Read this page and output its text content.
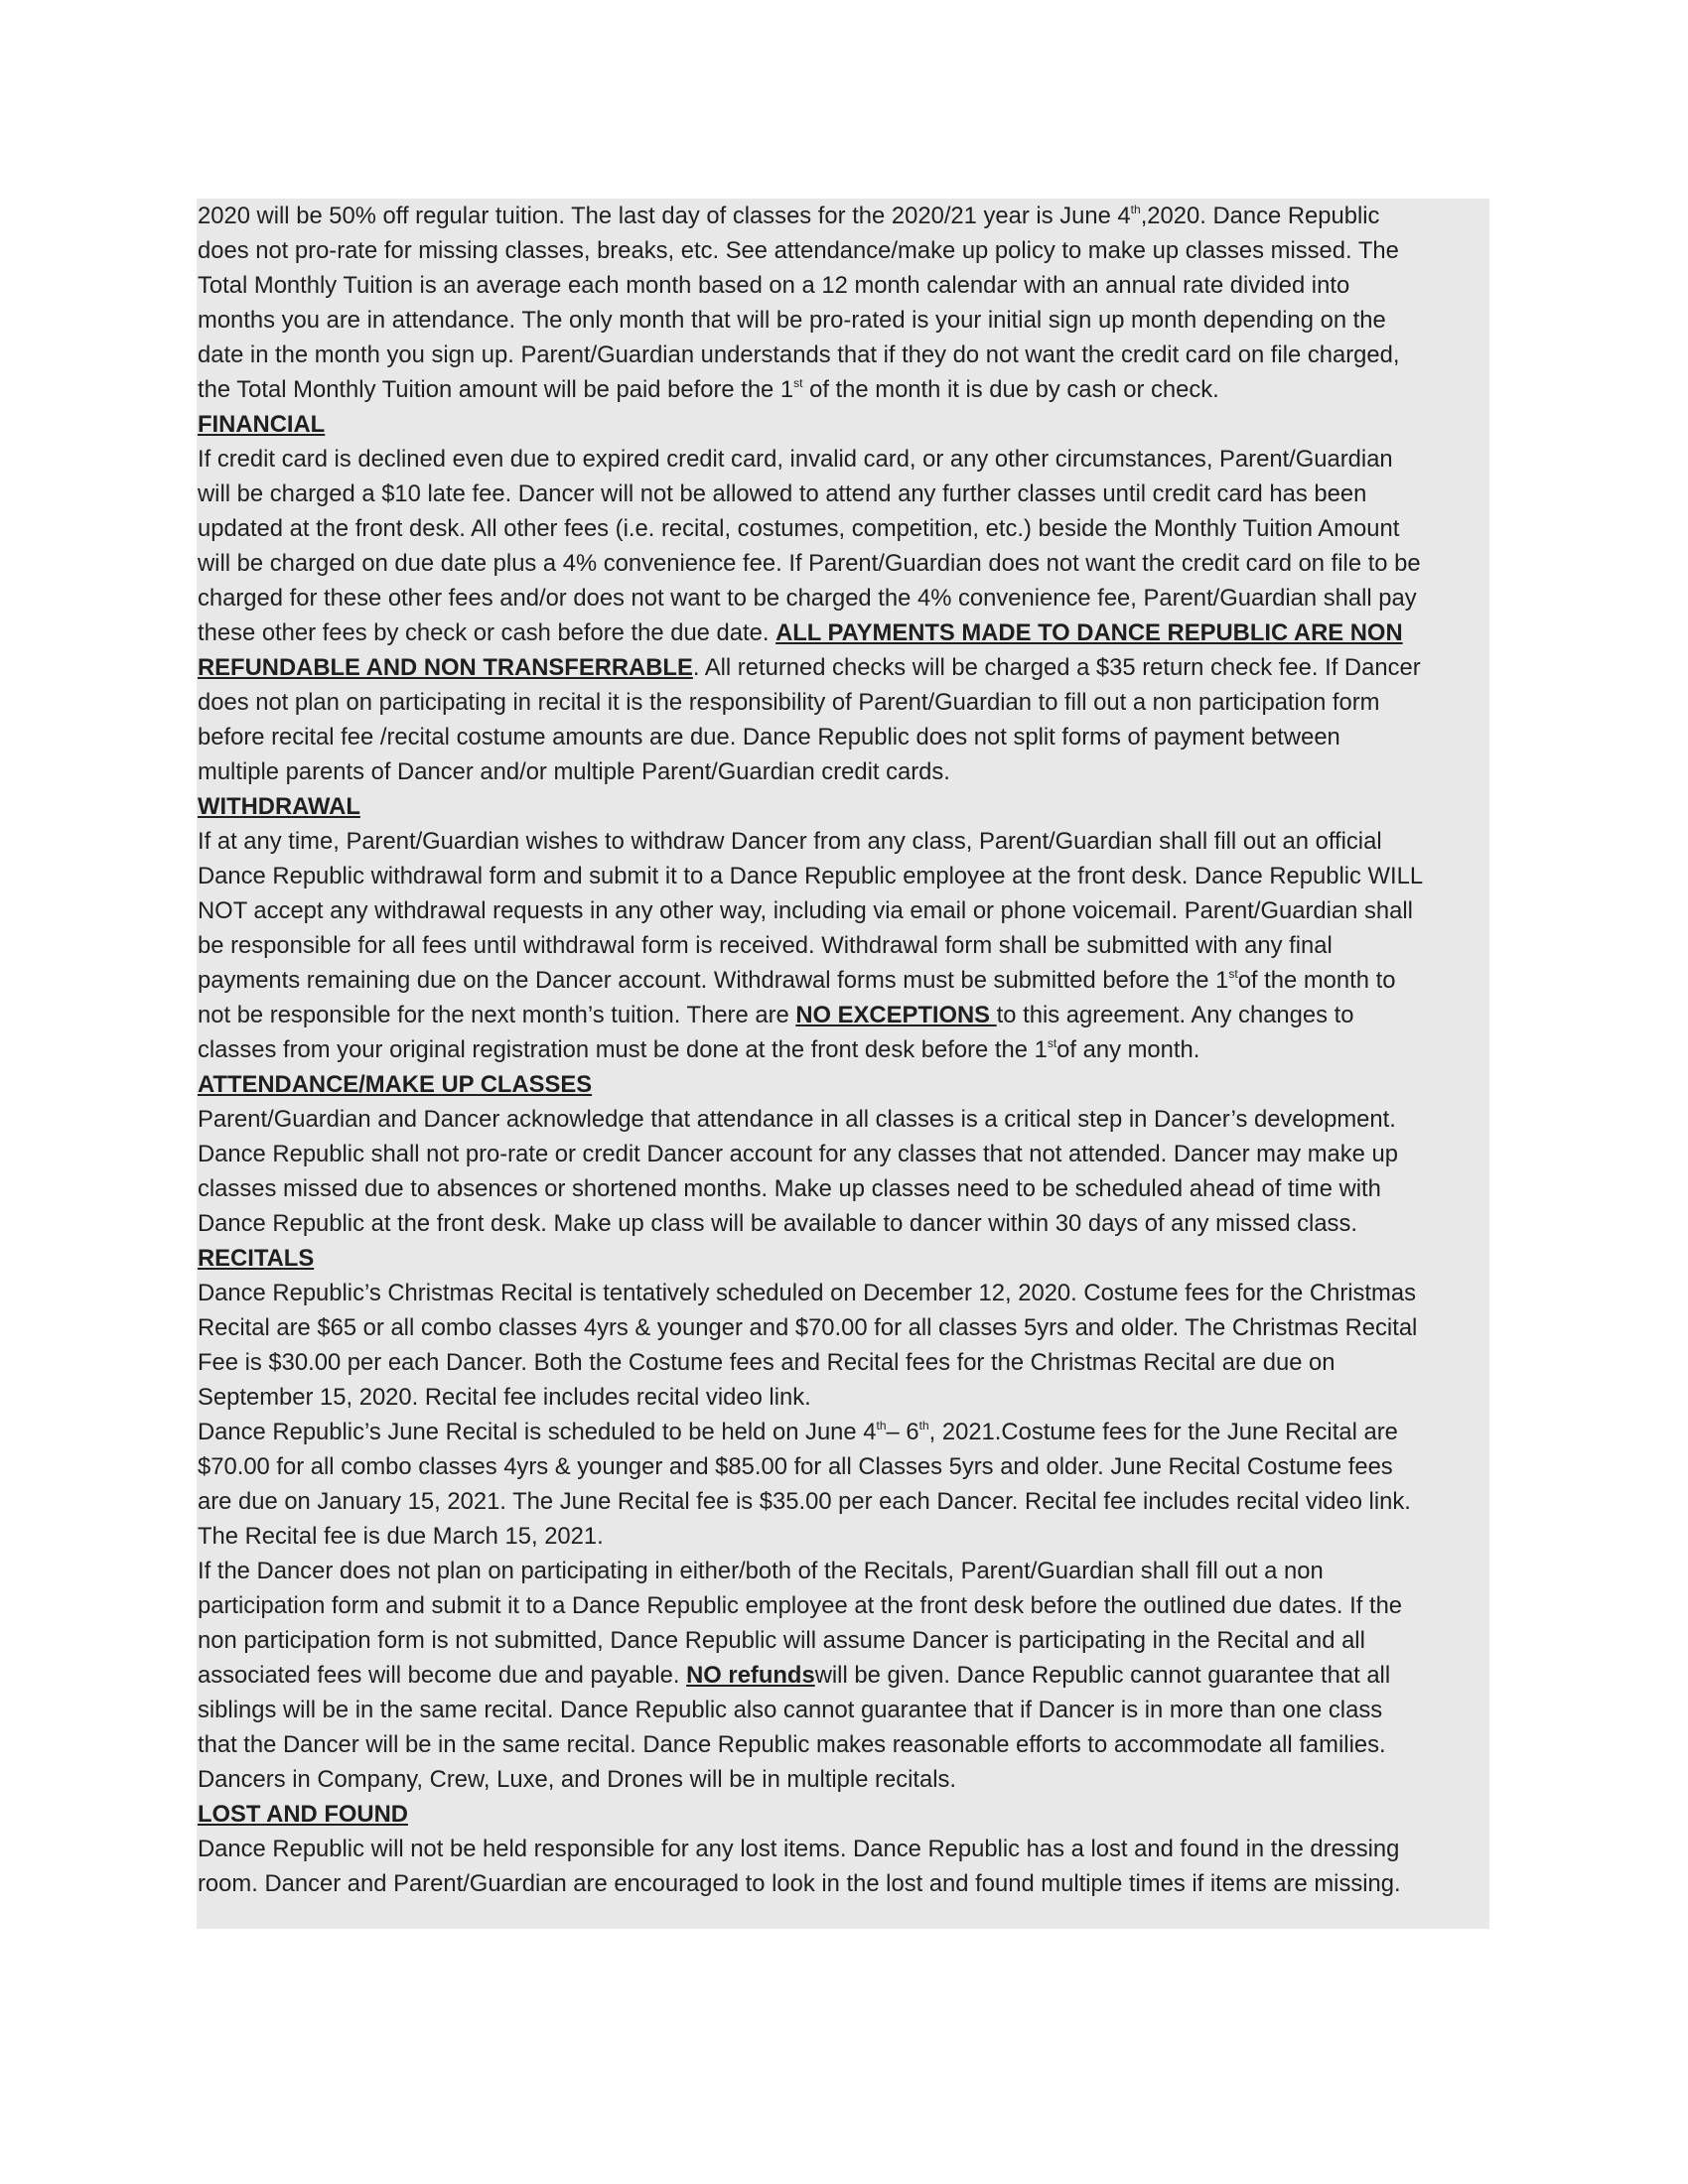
2020 will be 50% off regular tuition. The last day of classes for the 2020/21 year is June 4th,2020. Dance Republic
does not pro-rate for missing classes, breaks, etc. See attendance/make up policy to make up classes missed. The
Total Monthly Tuition is an average each month based on a 12 month calendar with an annual rate divided into
months you are in attendance. The only month that will be pro-rated is your initial sign up month depending on the
date in the month you sign up. Parent/Guardian understands that if they do not want the credit card on file charged,
the Total Monthly Tuition amount will be paid before the 1st of the month it is due by cash or check.
FINANCIAL
If credit card is declined even due to expired credit card, invalid card, or any other circumstances, Parent/Guardian
will be charged a $10 late fee. Dancer will not be allowed to attend any further classes until credit card has been
updated at the front desk. All other fees (i.e. recital, costumes, competition, etc.) beside the Monthly Tuition Amount
will be charged on due date plus a 4% convenience fee. If Parent/Guardian does not want the credit card on file to be
charged for these other fees and/or does not want to be charged the 4% convenience fee, Parent/Guardian shall pay
these other fees by check or cash before the due date. ALL PAYMENTS MADE TO DANCE REPUBLIC ARE NON
REFUNDABLE AND NON TRANSFERRABLE. All returned checks will be charged a $35 return check fee. If Dancer
does not plan on participating in recital it is the responsibility of Parent/Guardian to fill out a non participation form
before recital fee /recital costume amounts are due. Dance Republic does not split forms of payment between
multiple parents of Dancer and/or multiple Parent/Guardian credit cards.
WITHDRAWAL
If at any time, Parent/Guardian wishes to withdraw Dancer from any class, Parent/Guardian shall fill out an official
Dance Republic withdrawal form and submit it to a Dance Republic employee at the front desk. Dance Republic WILL
NOT accept any withdrawal requests in any other way, including via email or phone voicemail. Parent/Guardian shall
be responsible for all fees until withdrawal form is received. Withdrawal form shall be submitted with any final
payments remaining due on the Dancer account. Withdrawal forms must be submitted before the 1stof the month to
not be responsible for the next month’s tuition. There are NO EXCEPTIONS to this agreement. Any changes to
classes from your original registration must be done at the front desk before the 1stof any month.
ATTENDANCE/MAKE UP CLASSES
Parent/Guardian and Dancer acknowledge that attendance in all classes is a critical step in Dancer’s development.
Dance Republic shall not pro-rate or credit Dancer account for any classes that not attended. Dancer may make up
classes missed due to absences or shortened months. Make up classes need to be scheduled ahead of time with
Dance Republic at the front desk. Make up class will be available to dancer within 30 days of any missed class.
RECITALS
Dance Republic’s Christmas Recital is tentatively scheduled on December 12, 2020. Costume fees for the Christmas
Recital are $65 or all combo classes 4yrs & younger and $70.00 for all classes 5yrs and older. The Christmas Recital
Fee is $30.00 per each Dancer. Both the Costume fees and Recital fees for the Christmas Recital are due on
September 15, 2020. Recital fee includes recital video link.
Dance Republic’s June Recital is scheduled to be held on June 4th– 6th, 2021.Costume fees for the June Recital are
$70.00 for all combo classes 4yrs & younger and $85.00 for all Classes 5yrs and older. June Recital Costume fees
are due on January 15, 2021. The June Recital fee is $35.00 per each Dancer. Recital fee includes recital video link.
The Recital fee is due March 15, 2021.
If the Dancer does not plan on participating in either/both of the Recitals, Parent/Guardian shall fill out a non
participation form and submit it to a Dance Republic employee at the front desk before the outlined due dates. If the
non participation form is not submitted, Dance Republic will assume Dancer is participating in the Recital and all
associated fees will become due and payable. NO refundswill be given. Dance Republic cannot guarantee that all
siblings will be in the same recital. Dance Republic also cannot guarantee that if Dancer is in more than one class
that the Dancer will be in the same recital. Dance Republic makes reasonable efforts to accommodate all families.
Dancers in Company, Crew, Luxe, and Drones will be in multiple recitals.
LOST AND FOUND
Dance Republic will not be held responsible for any lost items. Dance Republic has a lost and found in the dressing
room. Dancer and Parent/Guardian are encouraged to look in the lost and found multiple times if items are missing.
